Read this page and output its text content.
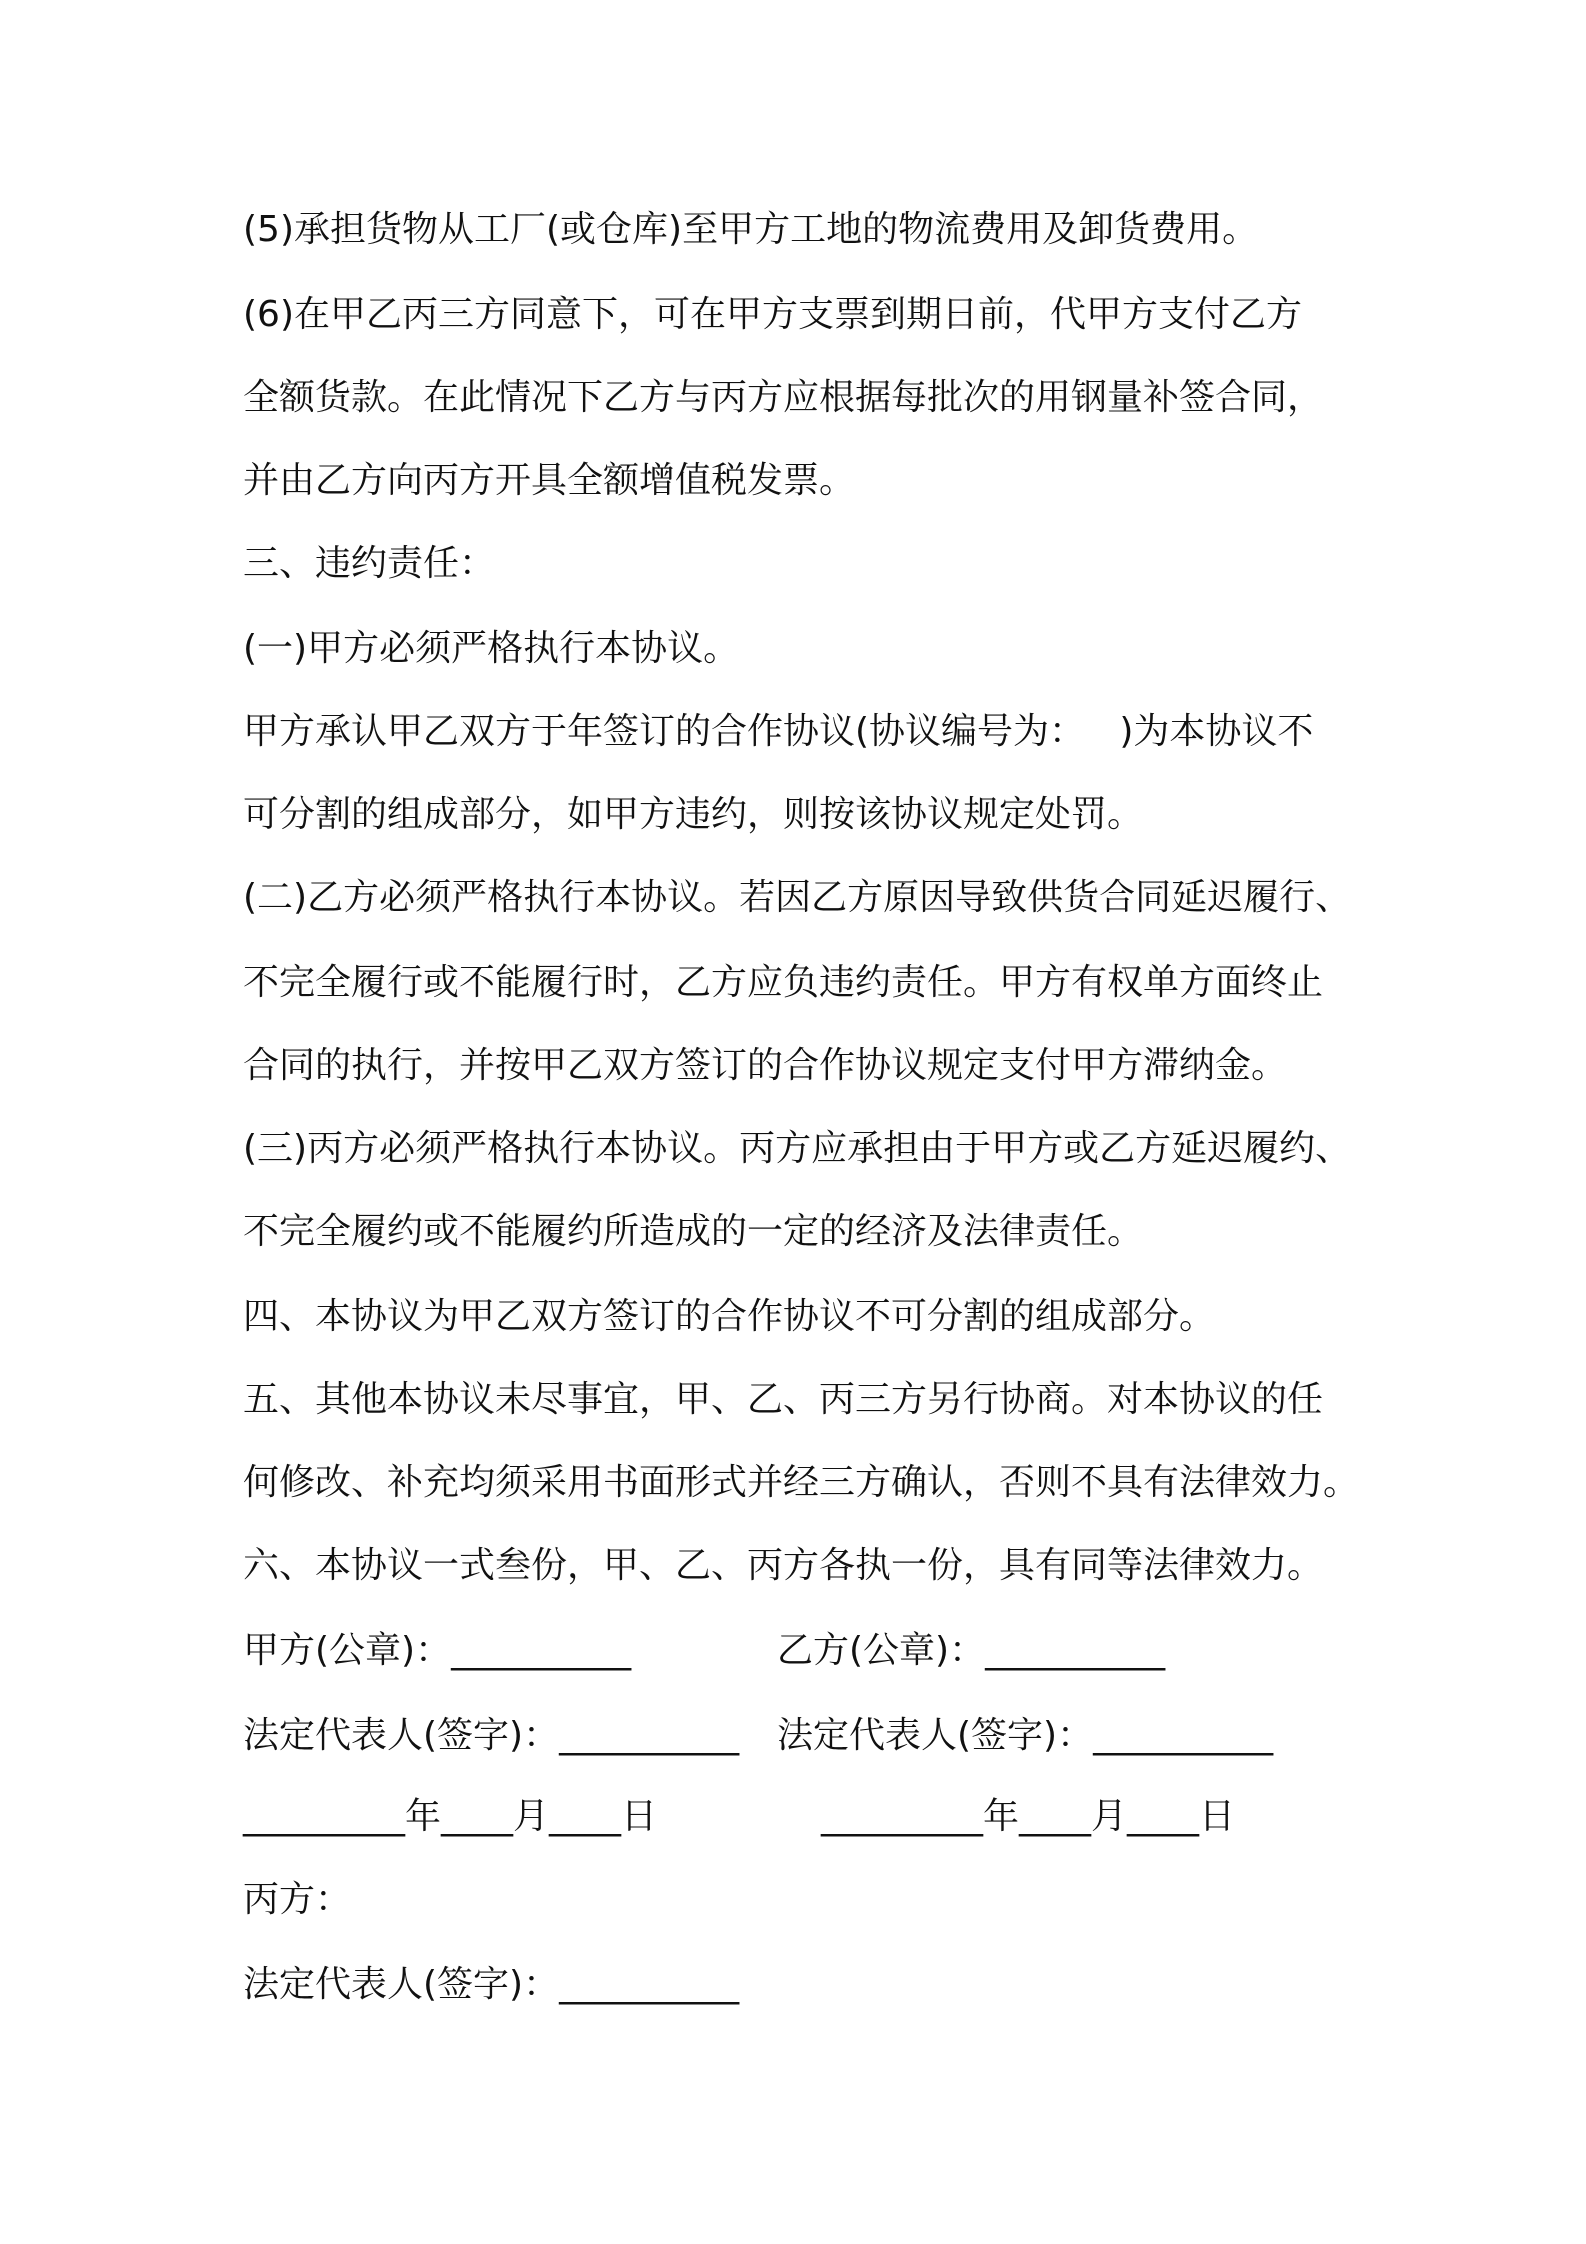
(5)承担货物从工厂(或仓库)至甲方工地的物流费用及卸货费用。
(6)在甲乙丙三方同意下，可在甲方支票到期日前，代甲方支付乙方
全额货款。在此情况下乙方与丙方应根据每批次的用钢量补签合同，
并由乙方向丙方开具全额增值税发票。
三、违约责任：
(一)甲方必须严格执行本协议。
甲方承认甲乙双方于年签订的合作协议(协议编号为：   )为本协议不
可分割的组成部分，如甲方违约，则按该协议规定处罚。
(二)乙方必须严格执行本协议。若因乙方原因导致供货合同延迟履行、
不完全履行或不能履行时，乙方应负违约责任。甲方有权单方面终止
合同的执行，并按甲乙双方签订的合作协议规定支付甲方滞纳金。
(三)丙方必须严格执行本协议。丙方应承担由于甲方或乙方延迟履约、
不完全履约或不能履约所造成的一定的经济及法律责任。
四、本协议为甲乙双方签订的合作协议不可分割的组成部分。
五、其他本协议未尽事宜，甲、乙、丙三方另行协商。对本协议的任
何修改、补充均须采用书面形式并经三方确认，否则不具有法律效力。
六、本协议一式叁份，甲、乙、丙方各执一份，具有同等法律效力。
甲方(公章)：__________	乙方(公章)：__________
法定代表人(签字)：__________ 法定代表人(签字)：__________
_________年____月____日	_________年____月____日
丙方：
法定代表人(签字)：__________
